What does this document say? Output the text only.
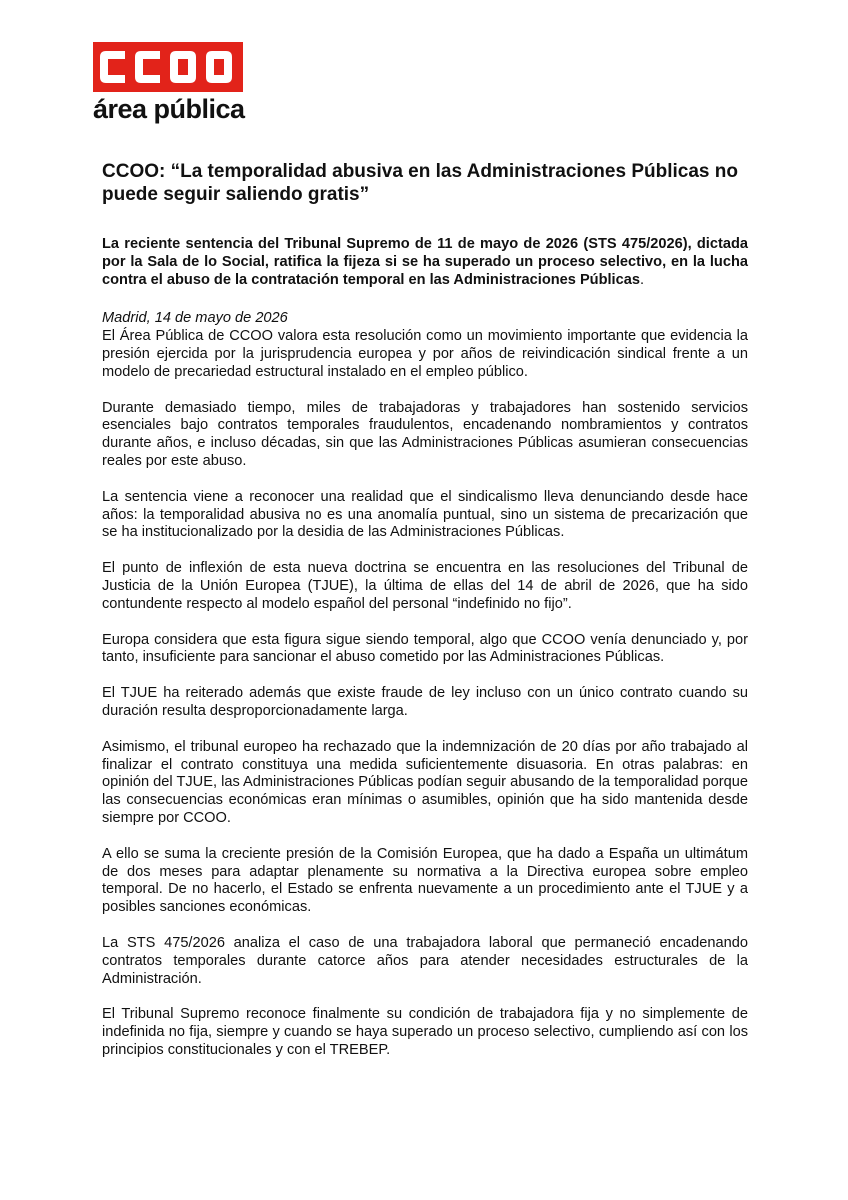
área pública
CCOO: “La temporalidad abusiva en las Administraciones Públicas no puede seguir saliendo gratis”

La reciente sentencia del Tribunal Supremo de 11 de mayo de 2026 (STS 475/2026), dictada por la Sala de lo Social, ratifica la fijeza si se ha superado un proceso selectivo, en la lucha contra el abuso de la contratación temporal en las Administraciones Públicas.

Madrid, 14 de mayo de 2026

El Área Pública de CCOO valora esta resolución como un movimiento importante que evidencia la presión ejercida por la jurisprudencia europea y por años de reivindicación sindical frente a un modelo de precariedad estructural instalado en el empleo público.

Durante demasiado tiempo, miles de trabajadoras y trabajadores han sostenido servicios esenciales bajo contratos temporales fraudulentos, encadenando nombramientos y contratos durante años, e incluso décadas, sin que las Administraciones Públicas asumieran consecuencias reales por este abuso.

La sentencia viene a reconocer una realidad que el sindicalismo lleva denunciando desde hace años: la temporalidad abusiva no es una anomalía puntual, sino un sistema de precarización que se ha institucionalizado por la desidia de las Administraciones Públicas.

El punto de inflexión de esta nueva doctrina se encuentra en las resoluciones del Tribunal de Justicia de la Unión Europea (TJUE), la última de ellas del 14 de abril de 2026, que ha sido contundente respecto al modelo español del personal “indefinido no fijo”.

Europa considera que esta figura sigue siendo temporal, algo que CCOO venía denunciado y, por tanto, insuficiente para sancionar el abuso cometido por las Administraciones Públicas.

El TJUE ha reiterado además que existe fraude de ley incluso con un único contrato cuando su duración resulta desproporcionadamente larga.

Asimismo, el tribunal europeo ha rechazado que la indemnización de 20 días por año trabajado al finalizar el contrato constituya una medida suficientemente disuasoria. En otras palabras: en opinión del TJUE, las Administraciones Públicas podían seguir abusando de la temporalidad porque las consecuencias económicas eran mínimas o asumibles, opinión que ha sido mantenida desde siempre por CCOO.

A ello se suma la creciente presión de la Comisión Europea, que ha dado a España un ultimátum de dos meses para adaptar plenamente su normativa a la Directiva europea sobre empleo temporal. De no hacerlo, el Estado se enfrenta nuevamente a un procedimiento ante el TJUE y a posibles sanciones económicas.

La STS 475/2026 analiza el caso de una trabajadora laboral que permaneció encadenando contratos temporales durante catorce años para atender necesidades estructurales de la Administración.

El Tribunal Supremo reconoce finalmente su condición de trabajadora fija y no simplemente de indefinida no fija, siempre y cuando se haya superado un proceso selectivo, cumpliendo así con los principios constitucionales y con el TREBEP.
